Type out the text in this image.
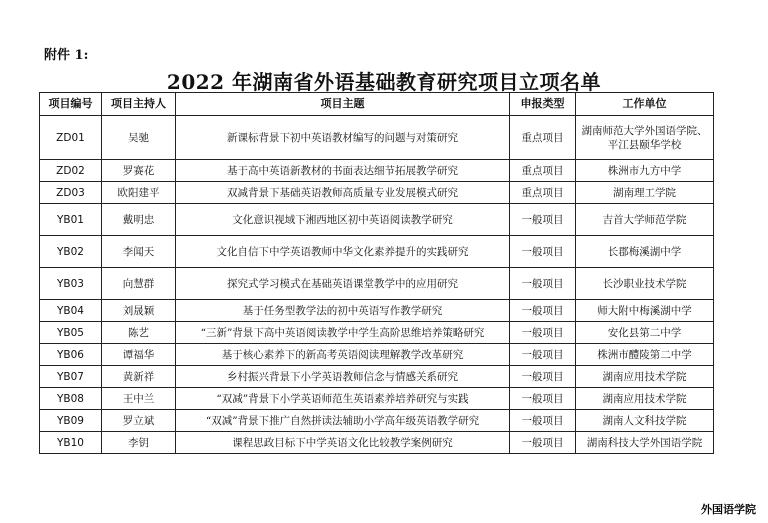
附件 1:
2022 年湖南省外语基础教育研究项目立项名单
项目编号	项目主持人	项目主题	申报类型	工作单位
ZD01	吴驰	新课标背景下初中英语教材编写的问题与对策研究	重点项目	湖南师范大学外国语学院、平江县颐华学校
ZD02	罗赛花	基于高中英语新教材的书面表达细节拓展教学研究	重点项目	株洲市九方中学
ZD03	欧阳建平	双减背景下基础英语教师高质量专业发展模式研究	重点项目	湖南理工学院
YB01	戴明忠	文化意识视域下湘西地区初中英语阅读教学研究	一般项目	吉首大学师范学院
YB02	李闻天	文化自信下中学英语教师中华文化素养提升的实践研究	一般项目	长郡梅溪湖中学
YB03	向慧群	探究式学习模式在基础英语课堂教学中的应用研究	一般项目	长沙职业技术学院
YB04	刘晟颖	基于任务型教学法的初中英语写作教学研究	一般项目	师大附中梅溪湖中学
YB05	陈艺	“三新”背景下高中英语阅读教学中学生高阶思维培养策略研究	一般项目	安化县第二中学
YB06	谭福华	基于核心素养下的新高考英语阅读理解教学改革研究	一般项目	株洲市醴陵第二中学
YB07	黄新祥	乡村振兴背景下小学英语教师信念与情感关系研究	一般项目	湖南应用技术学院
YB08	王中兰	“双减”背景下小学英语师范生英语素养培养研究与实践	一般项目	湖南应用技术学院
YB09	罗立斌	“双减”背景下推广自然拼读法辅助小学高年级英语教学研究	一般项目	湖南人文科技学院
YB10	李钥	课程思政目标下中学英语文化比较教学案例研究	一般项目	湖南科技大学外国语学院
外国语学院
